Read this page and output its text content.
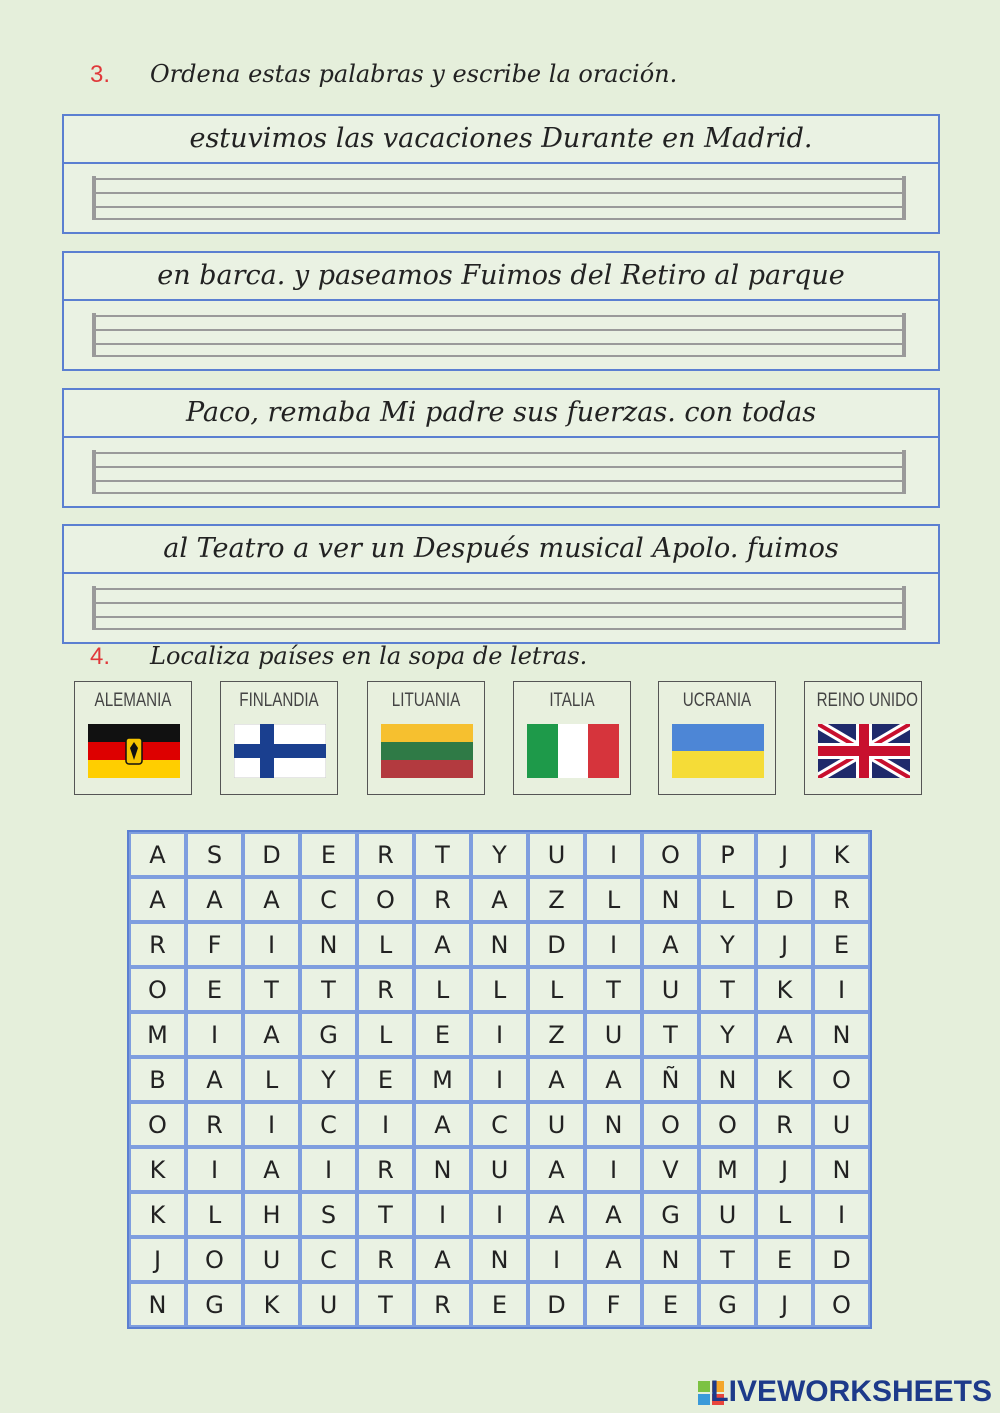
3. Ordena estas palabras y escribe la oración.
estuvimos las vacaciones Durante en Madrid.
en barca. y paseamos Fuimos del Retiro al parque
Paco, remaba Mi padre sus fuerzas. con todas
al Teatro a ver un Después musical Apolo. fuimos
4. Localiza países en la sopa de letras.
ALEMANIA	FINLANDIA	LITUANIA	ITALIA	UCRANIA	REINO UNIDO
A	S	D	E	R	T	Y	U	I	O	P	J	K
A	A	A	C	O	R	A	Z	L	N	L	D	R
R	F	I	N	L	A	N	D	I	A	Y	J	E
O	E	T	T	R	L	L	L	T	U	T	K	I
M	I	A	G	L	E	I	Z	U	T	Y	A	N
B	A	L	Y	E	M	I	A	A	Ñ	N	K	O
O	R	I	C	I	A	C	U	N	O	O	R	U
K	I	A	I	R	N	U	A	I	V	M	J	N
K	L	H	S	T	I	I	A	A	G	U	L	I
J	O	U	C	R	A	N	I	A	N	T	E	D
N	G	K	U	T	R	E	D	F	E	G	J	O
LIVEWORKSHEETS
